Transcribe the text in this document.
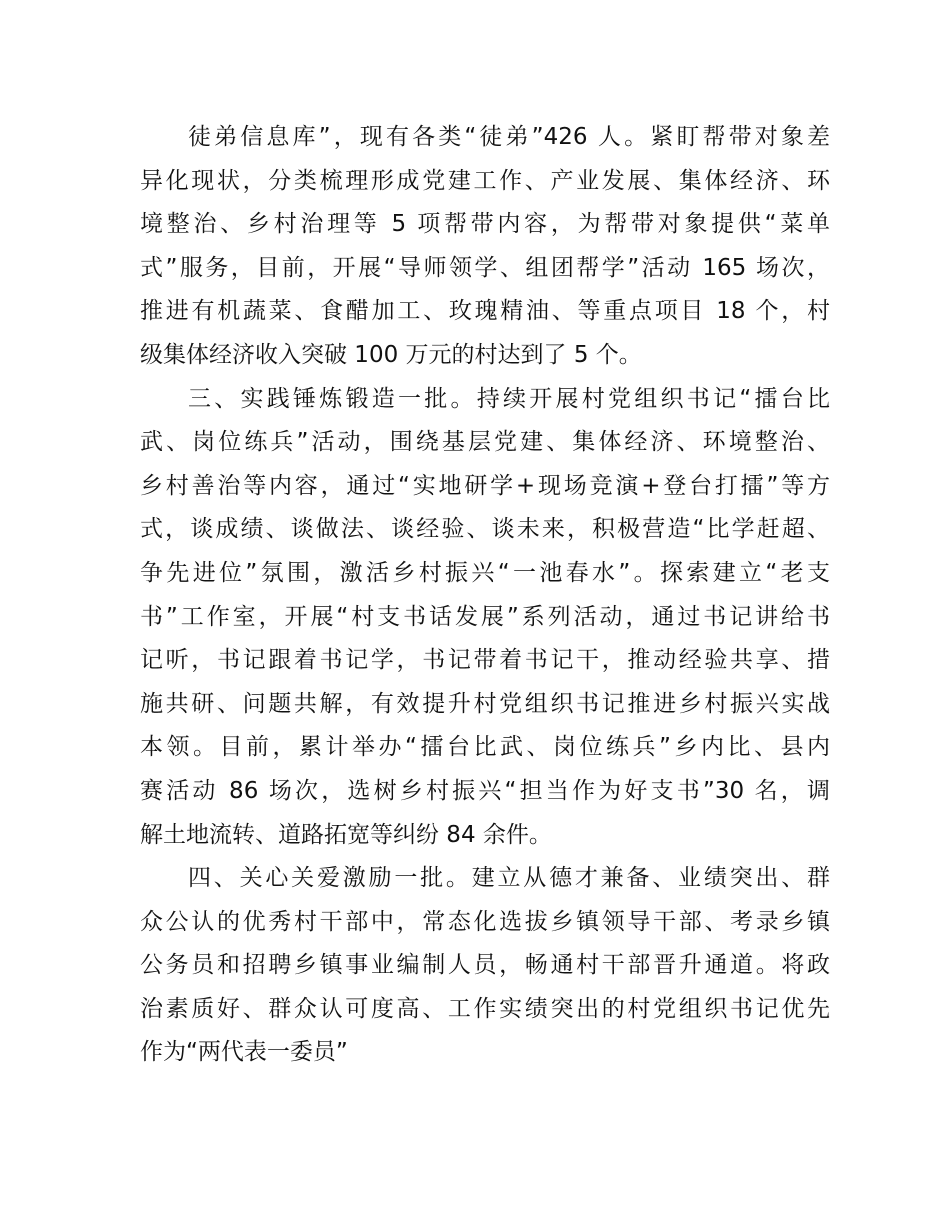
徒弟信息库”，现有各类“徒弟”426 人。紧盯帮带对象差
异化现状，分类梳理形成党建工作、产业发展、集体经济、环
境整治、乡村治理等 5 项帮带内容，为帮带对象提供“菜单
式”服务，目前，开展“导师领学、组团帮学”活动 165 场次，
推进有机蔬菜、食醋加工、玫瑰精油、等重点项目 18 个，村
级集体经济收入突破 100 万元的村达到了 5 个。
三、实践锤炼锻造一批。持续开展村党组织书记“擂台比
武、岗位练兵”活动，围绕基层党建、集体经济、环境整治、
乡村善治等内容，通过“实地研学+现场竞演+登台打擂”等方
式，谈成绩、谈做法、谈经验、谈未来，积极营造“比学赶超、
争先进位”氛围，激活乡村振兴“一池春水”。探索建立“老支
书”工作室，开展“村支书话发展”系列活动，通过书记讲给书
记听，书记跟着书记学，书记带着书记干，推动经验共享、措
施共研、问题共解，有效提升村党组织书记推进乡村振兴实战
本领。目前，累计举办“擂台比武、岗位练兵”乡内比、县内
赛活动 86 场次，选树乡村振兴“担当作为好支书”30 名，调
解土地流转、道路拓宽等纠纷 84 余件。
四、关心关爱激励一批。建立从德才兼备、业绩突出、群
众公认的优秀村干部中，常态化选拔乡镇领导干部、考录乡镇
公务员和招聘乡镇事业编制人员，畅通村干部晋升通道。将政
治素质好、群众认可度高、工作实绩突出的村党组织书记优先
作为“两代表一委员”
